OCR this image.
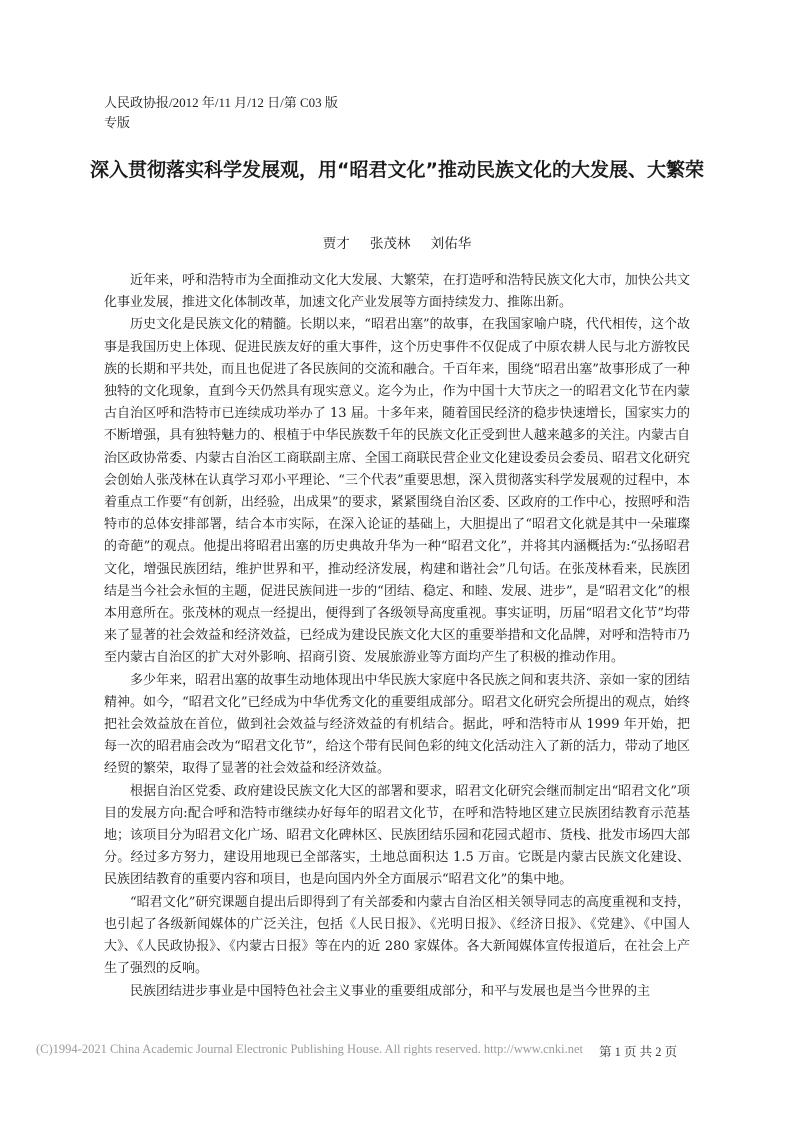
人民政协报/2012 年/11 月/12 日/第 C03 版
专版
深入贯彻落实科学发展观，用“昭君文化”推动民族文化的大发展、大繁荣
贾才 张茂林 刘佑华

近年来，呼和浩特市为全面推动文化大发展、大繁荣，在打造呼和浩特民族文化大市，加快公共文化事业发展，推进文化体制改革，加速文化产业发展等方面持续发力、推陈出新。

历史文化是民族文化的精髓。长期以来，“昭君出塞”的故事，在我国家喻户晓，代代相传，这个故事是我国历史上体现、促进民族友好的重大事件，这个历史事件不仅促成了中原农耕人民与北方游牧民族的长期和平共处，而且也促进了各民族间的交流和融合。千百年来，围绕“昭君出塞”故事形成了一种独特的文化现象，直到今天仍然具有现实意义。迄今为止，作为中国十大节庆之一的昭君文化节在内蒙古自治区呼和浩特市已连续成功举办了 13 届。十多年来，随着国民经济的稳步快速增长，国家实力的不断增强，具有独特魅力的、根植于中华民族数千年的民族文化正受到世人越来越多的关注。内蒙古自治区政协常委、内蒙古自治区工商联副主席、全国工商联民营企业文化建设委员会委员、昭君文化研究会创始人张茂林在认真学习邓小平理论、“三个代表”重要思想，深入贯彻落实科学发展观的过程中，本着重点工作要“有创新，出经验，出成果”的要求，紧紧围绕自治区委、区政府的工作中心，按照呼和浩特市的总体安排部署，结合本市实际，在深入论证的基础上，大胆提出了“昭君文化就是其中一朵璀璨的奇葩”的观点。他提出将昭君出塞的历史典故升华为一种“昭君文化”，并将其内涵概括为:“弘扬昭君文化，增强民族团结，维护世界和平，推动经济发展，构建和谐社会”几句话。在张茂林看来，民族团结是当今社会永恒的主题，促进民族间进一步的“团结、稳定、和睦、发展、进步”，是“昭君文化”的根本用意所在。张茂林的观点一经提出，便得到了各级领导高度重视。事实证明，历届“昭君文化节”均带来了显著的社会效益和经济效益，已经成为建设民族文化大区的重要举措和文化品牌，对呼和浩特市乃至内蒙古自治区的扩大对外影响、招商引资、发展旅游业等方面均产生了积极的推动作用。

多少年来，昭君出塞的故事生动地体现出中华民族大家庭中各民族之间和衷共济、亲如一家的团结精神。如今，“昭君文化”已经成为中华优秀文化的重要组成部分。昭君文化研究会所提出的观点，始终把社会效益放在首位，做到社会效益与经济效益的有机结合。据此，呼和浩特市从 1999 年开始，把每一次的昭君庙会改为“昭君文化节”，给这个带有民间色彩的纯文化活动注入了新的活力，带动了地区经贸的繁荣，取得了显著的社会效益和经济效益。

根据自治区党委、政府建设民族文化大区的部署和要求，昭君文化研究会继而制定出“昭君文化”项目的发展方向:配合呼和浩特市继续办好每年的昭君文化节，在呼和浩特地区建立民族团结教育示范基地；该项目分为昭君文化广场、昭君文化碑林区、民族团结乐园和花园式超市、货栈、批发市场四大部分。经过多方努力，建设用地现已全部落实，土地总面积达 1.5 万亩。它既是内蒙古民族文化建设、民族团结教育的重要内容和项目，也是向国内外全方面展示“昭君文化”的集中地。

“昭君文化”研究课题自提出后即得到了有关部委和内蒙古自治区相关领导同志的高度重视和支持，也引起了各级新闻媒体的广泛关注，包括《人民日报》、《光明日报》、《经济日报》、《党建》、《中国人大》、《人民政协报》、《内蒙古日报》等在内的近 280 家媒体。各大新闻媒体宣传报道后，在社会上产生了强烈的反响。

民族团结进步事业是中国特色社会主义事业的重要组成部分，和平与发展也是当今世界的主

(C)1994-2021 China Academic Journal Electronic Publishing House. All rights reserved. http://www.cnki.net 第 1 页 共 2 页
